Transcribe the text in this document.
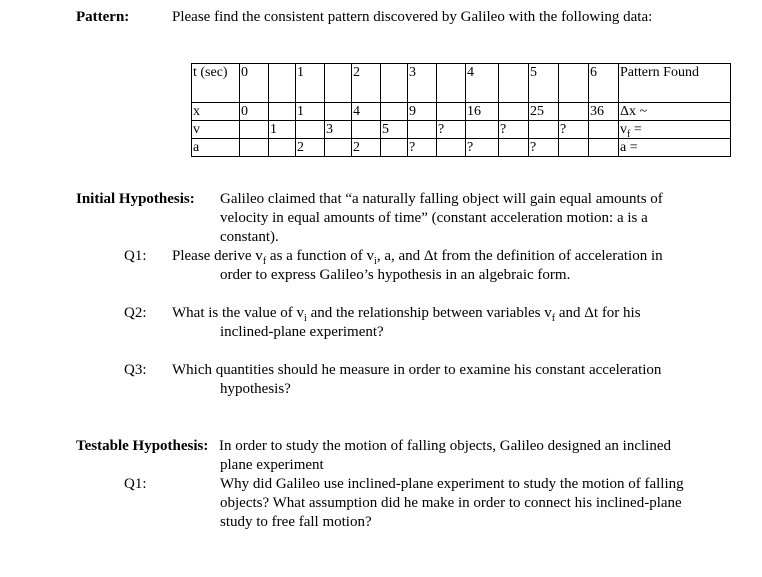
Pattern:	Please find the consistent pattern discovered by Galileo with the following data:
t (sec)	0		1		2		3		4		5		6	Pattern Found
x	0		1		4		9		16		25		36	Δx ~
v		1		3		5		?		?		?		$v_f$ =
a			2		2		?		?		?			a =
Initial Hypothesis: Galileo claimed that “a naturally falling object will gain equal amounts of velocity in equal amounts of time” (constant acceleration motion: a is a constant).
Q1: Please derive $v_f$ as a function of $v_i$, a, and Δt from the definition of acceleration in
order to express Galileo’s hypothesis in an algebraic form.
Q2: What is the value of $v_i$ and the relationship between variables $v_f$ and Δt for his
inclined-plane experiment?
Q3: Which quantities should he measure in order to examine his constant acceleration
hypothesis?
Testable Hypothesis: In order to study the motion of falling objects, Galileo designed an inclined
plane experiment
Q1:	Why did Galileo use inclined-plane experiment to study the motion of falling objects? What assumption did he make in order to connect his inclined-plane study to free fall motion?
